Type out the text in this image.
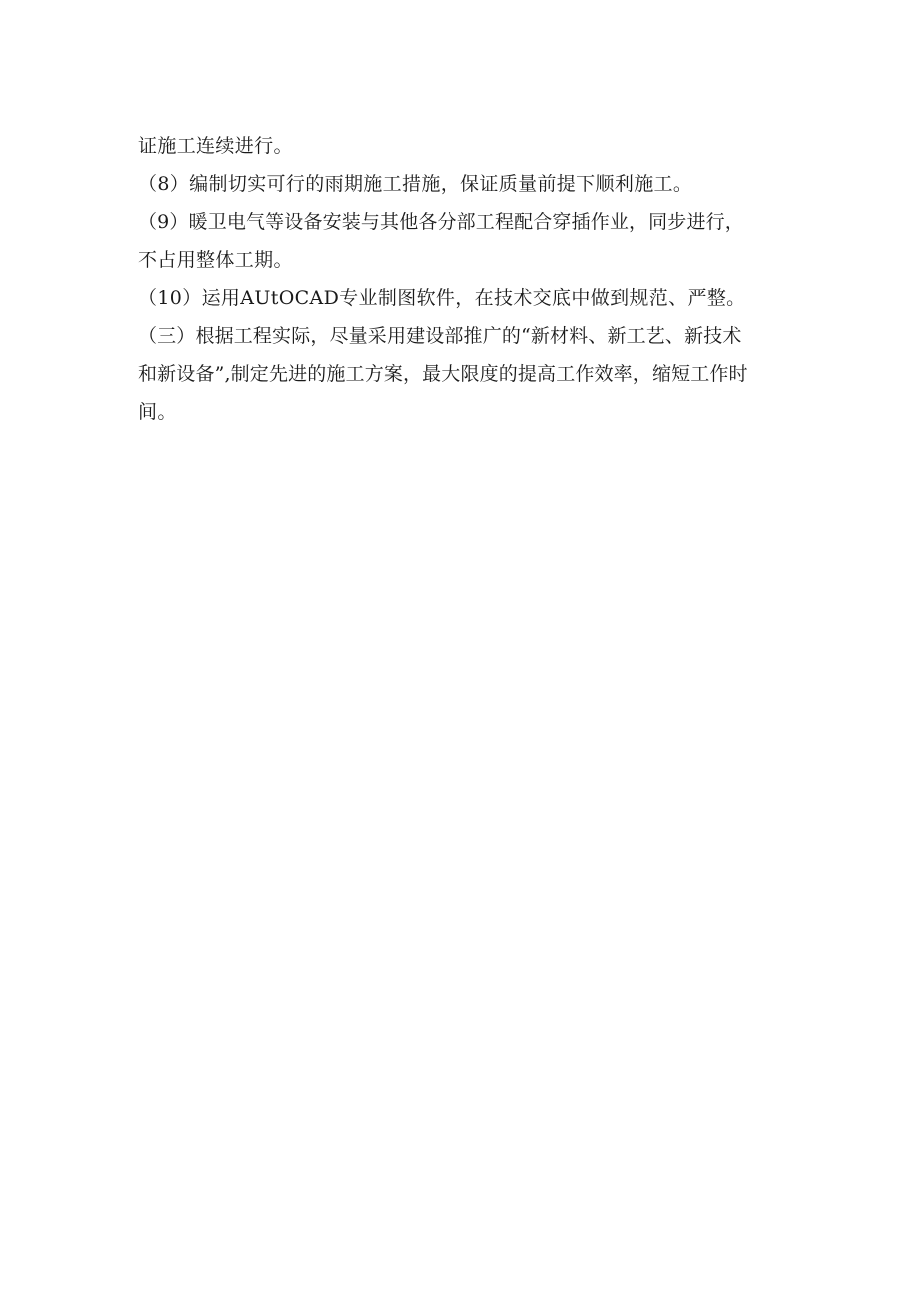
证施工连续进行。
（8）编制切实可行的雨期施工措施，保证质量前提下顺利施工。
（9）暖卫电气等设备安装与其他各分部工程配合穿插作业，同步进行，
不占用整体工期。
（10）运用AUtOCAD专业制图软件，在技术交底中做到规范、严整。
（三）根据工程实际，尽量采用建设部推广的“新材料、新工艺、新技术
和新设备”,制定先进的施工方案，最大限度的提高工作效率，缩短工作时
间。
